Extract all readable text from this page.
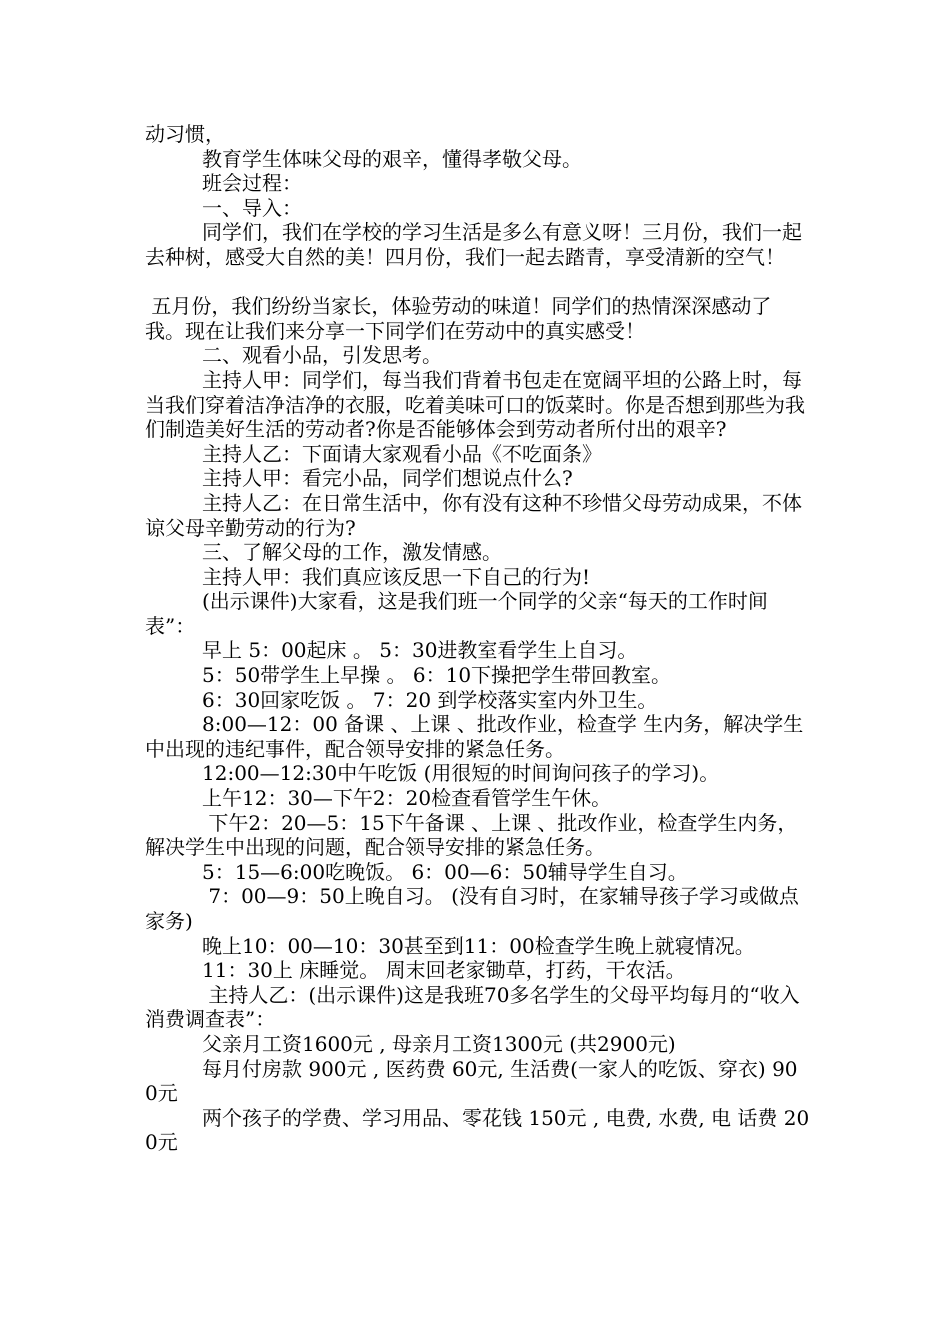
动习惯，

教育学生体味父母的艰辛，懂得孝敬父母。

班会过程：

一、导入：

同学们，我们在学校的学习生活是多么有意义呀！三月份，我们一起去种树，感受大自然的美！四月份，我们一起去踏青，享受清新的空气！

五月份，我们纷纷当家长，体验劳动的味道！同学们的热情深深感动了我。现在让我们来分享一下同学们在劳动中的真实感受！

二、观看小品，引发思考。

主持人甲：同学们，每当我们背着书包走在宽阔平坦的公路上时，每当我们穿着洁净洁净的衣服，吃着美味可口的饭菜时。你是否想到那些为我们制造美好生活的劳动者?你是否能够体会到劳动者所付出的艰辛?

主持人乙：下面请大家观看小品《不吃面条》

主持人甲：看完小品，同学们想说点什么?

主持人乙：在日常生活中，你有没有这种不珍惜父母劳动成果，不体谅父母辛勤劳动的行为?

三、了解父母的工作，激发情感。

主持人甲：我们真应该反思一下自己的行为!

(出示课件)大家看，这是我们班一个同学的父亲“每天的工作时间表”：

早上 5：00起床 。 5：30进教室看学生上自习。

5：50带学生上早操 。 6：10下操把学生带回教室。

6：30回家吃饭 。 7：20 到学校落实室内外卫生。

8:00—12：00 备课 、上课 、批改作业，检查学 生内务，解决学生中出现的违纪事件，配合领导安排的紧急任务。

12:00—12:30中午吃饭 (用很短的时间询问孩子的学习)。

上午12：30—下午2：20检查看管学生午休。

下午2：20—5：15下午备课 、上课 、批改作业，检查学生内务，解决学生中出现的问题，配合领导安排的紧急任务。

5：15—6:00吃晚饭。 6：00—6：50辅导学生自习。

7：00—9：50上晚自习。 (没有自习时，在家辅导孩子学习或做点家务)

晚上10：00—10：30甚至到11：00检查学生晚上就寝情况。

11：30上 床睡觉。 周末回老家锄草，打药，干农活。

主持人乙：(出示课件)这是我班70多名学生的父母平均每月的“收入消费调查表”：

父亲月工资1600元 , 母亲月工资1300元 (共2900元)

每月付房款 900元 , 医药费 60元, 生活费(一家人的吃饭、穿衣) 900元

两个孩子的学费、学习用品、零花钱 150元 , 电费, 水费, 电 话费 200元
